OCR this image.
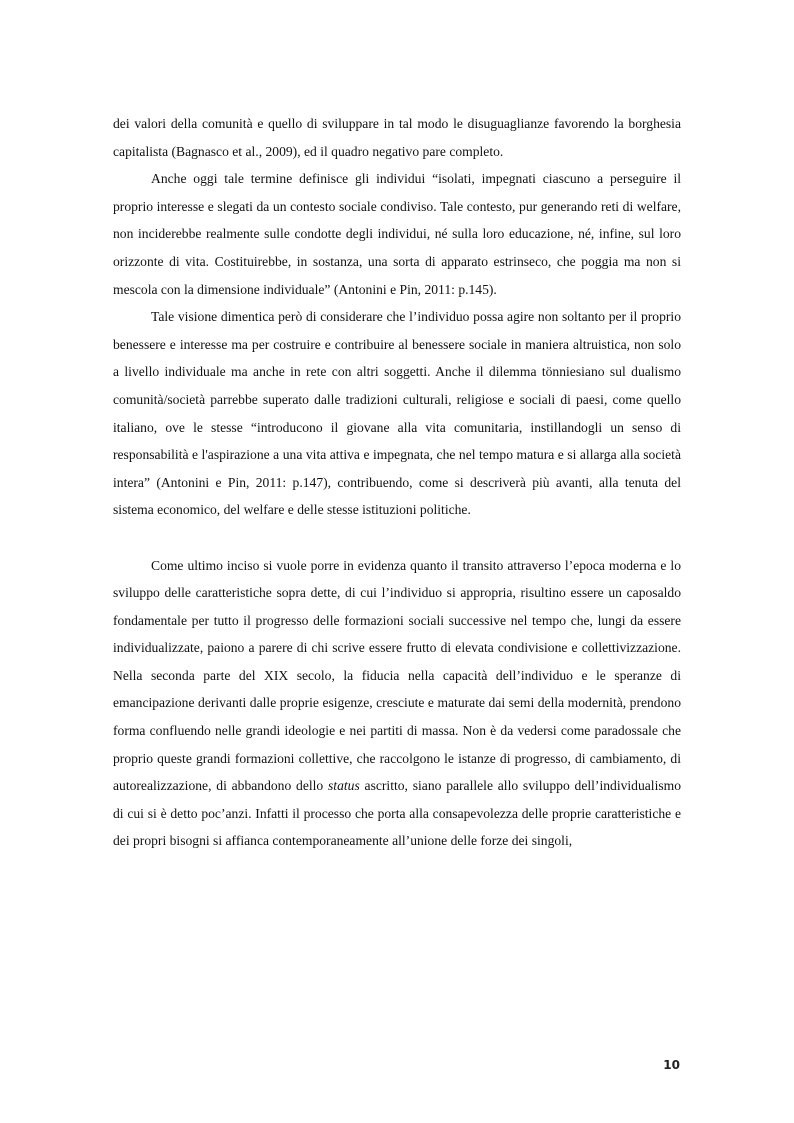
dei valori della comunità e quello di sviluppare in tal modo le disuguaglianze favorendo la borghesia capitalista (Bagnasco et al., 2009), ed il quadro negativo pare completo.

Anche oggi tale termine definisce gli individui “isolati, impegnati ciascuno a perseguire il proprio interesse e slegati da un contesto sociale condiviso. Tale contesto, pur generando reti di welfare, non inciderebbe realmente sulle condotte degli individui, né sulla loro educazione, né, infine, sul loro orizzonte di vita. Costituirebbe, in sostanza, una sorta di apparato estrinseco, che poggia ma non si mescola con la dimensione individuale” (Antonini e Pin, 2011: p.145).

Tale visione dimentica però di considerare che l’individuo possa agire non soltanto per il proprio benessere e interesse ma per costruire e contribuire al benessere sociale in maniera altruistica, non solo a livello individuale ma anche in rete con altri soggetti. Anche il dilemma tönniesiano sul dualismo comunità/società parrebbe superato dalle tradizioni culturali, religiose e sociali di paesi, come quello italiano, ove le stesse “introducono il giovane alla vita comunitaria, instillandogli un senso di responsabilità e l'aspirazione a una vita attiva e impegnata, che nel tempo matura e si allarga alla società intera” (Antonini e Pin, 2011: p.147), contribuendo, come si descriverà più avanti, alla tenuta del sistema economico, del welfare e delle stesse istituzioni politiche.

Come ultimo inciso si vuole porre in evidenza quanto il transito attraverso l’epoca moderna e lo sviluppo delle caratteristiche sopra dette, di cui l’individuo si appropria, risultino essere un caposaldo fondamentale per tutto il progresso delle formazioni sociali successive nel tempo che, lungi da essere individualizzate, paiono a parere di chi scrive essere frutto di elevata condivisione e collettivizzazione. Nella seconda parte del XIX secolo, la fiducia nella capacità dell’individuo e le speranze di emancipazione derivanti dalle proprie esigenze, cresciute e maturate dai semi della modernità, prendono forma confluendo nelle grandi ideologie e nei partiti di massa. Non è da vedersi come paradossale che proprio queste grandi formazioni collettive, che raccolgono le istanze di progresso, di cambiamento, di autorealizzazione, di abbandono dello status ascritto, siano parallele allo sviluppo dell’individualismo di cui si è detto poc’anzi. Infatti il processo che porta alla consapevolezza delle proprie caratteristiche e dei propri bisogni si affianca contemporaneamente all’unione delle forze dei singoli,

10
